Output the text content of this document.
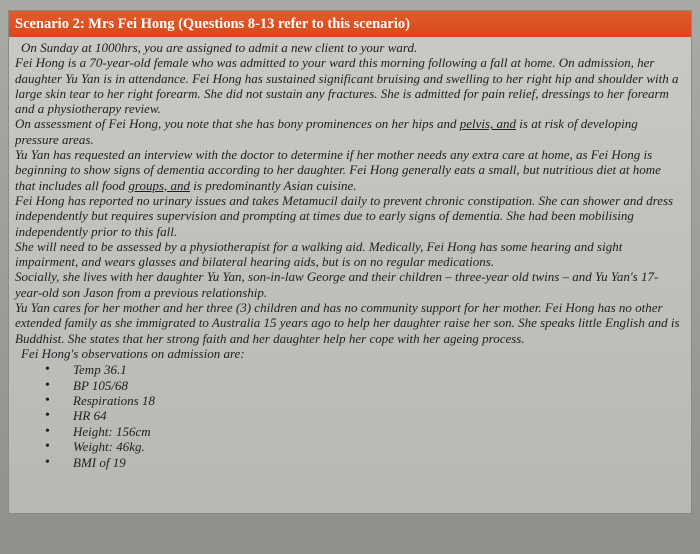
Scenario 2: Mrs Fei Hong (Questions 8-13 refer to this scenario)

On Sunday at 1000hrs, you are assigned to admit a new client to your ward.

Fei Hong is a 70-year-old female who was admitted to your ward this morning following a fall at home. On admission, her daughter Yu Yan is in attendance. Fei Hong has sustained significant bruising and swelling to her right hip and shoulder with a large skin tear to her right forearm. She did not sustain any fractures. She is admitted for pain relief, dressings to her forearm and a physiotherapy review.

On assessment of Fei Hong, you note that she has bony prominences on her hips and pelvis, and is at risk of developing pressure areas.

Yu Yan has requested an interview with the doctor to determine if her mother needs any extra care at home, as Fei Hong is beginning to show signs of dementia according to her daughter. Fei Hong generally eats a small, but nutritious diet at home that includes all food groups, and is predominantly Asian cuisine.

Fei Hong has reported no urinary issues and takes Metamucil daily to prevent chronic constipation. She can shower and dress independently but requires supervision and prompting at times due to early signs of dementia. She had been mobilising independently prior to this fall.

She will need to be assessed by a physiotherapist for a walking aid. Medically, Fei Hong has some hearing and sight impairment, and wears glasses and bilateral hearing aids, but is on no regular medications.

Socially, she lives with her daughter Yu Yan, son-in-law George and their children – three-year old twins – and Yu Yan's 17-year-old son Jason from a previous relationship.

Yu Yan cares for her mother and her three (3) children and has no community support for her mother. Fei Hong has no other extended family as she immigrated to Australia 15 years ago to help her daughter raise her son. She speaks little English and is Buddhist. She states that her strong faith and her daughter help her cope with her ageing process.

Fei Hong's observations on admission are:

• Temp 36.1
• BP 105/68
• Respirations 18
• HR 64
• Height: 156cm
• Weight: 46kg.
• BMI of 19
